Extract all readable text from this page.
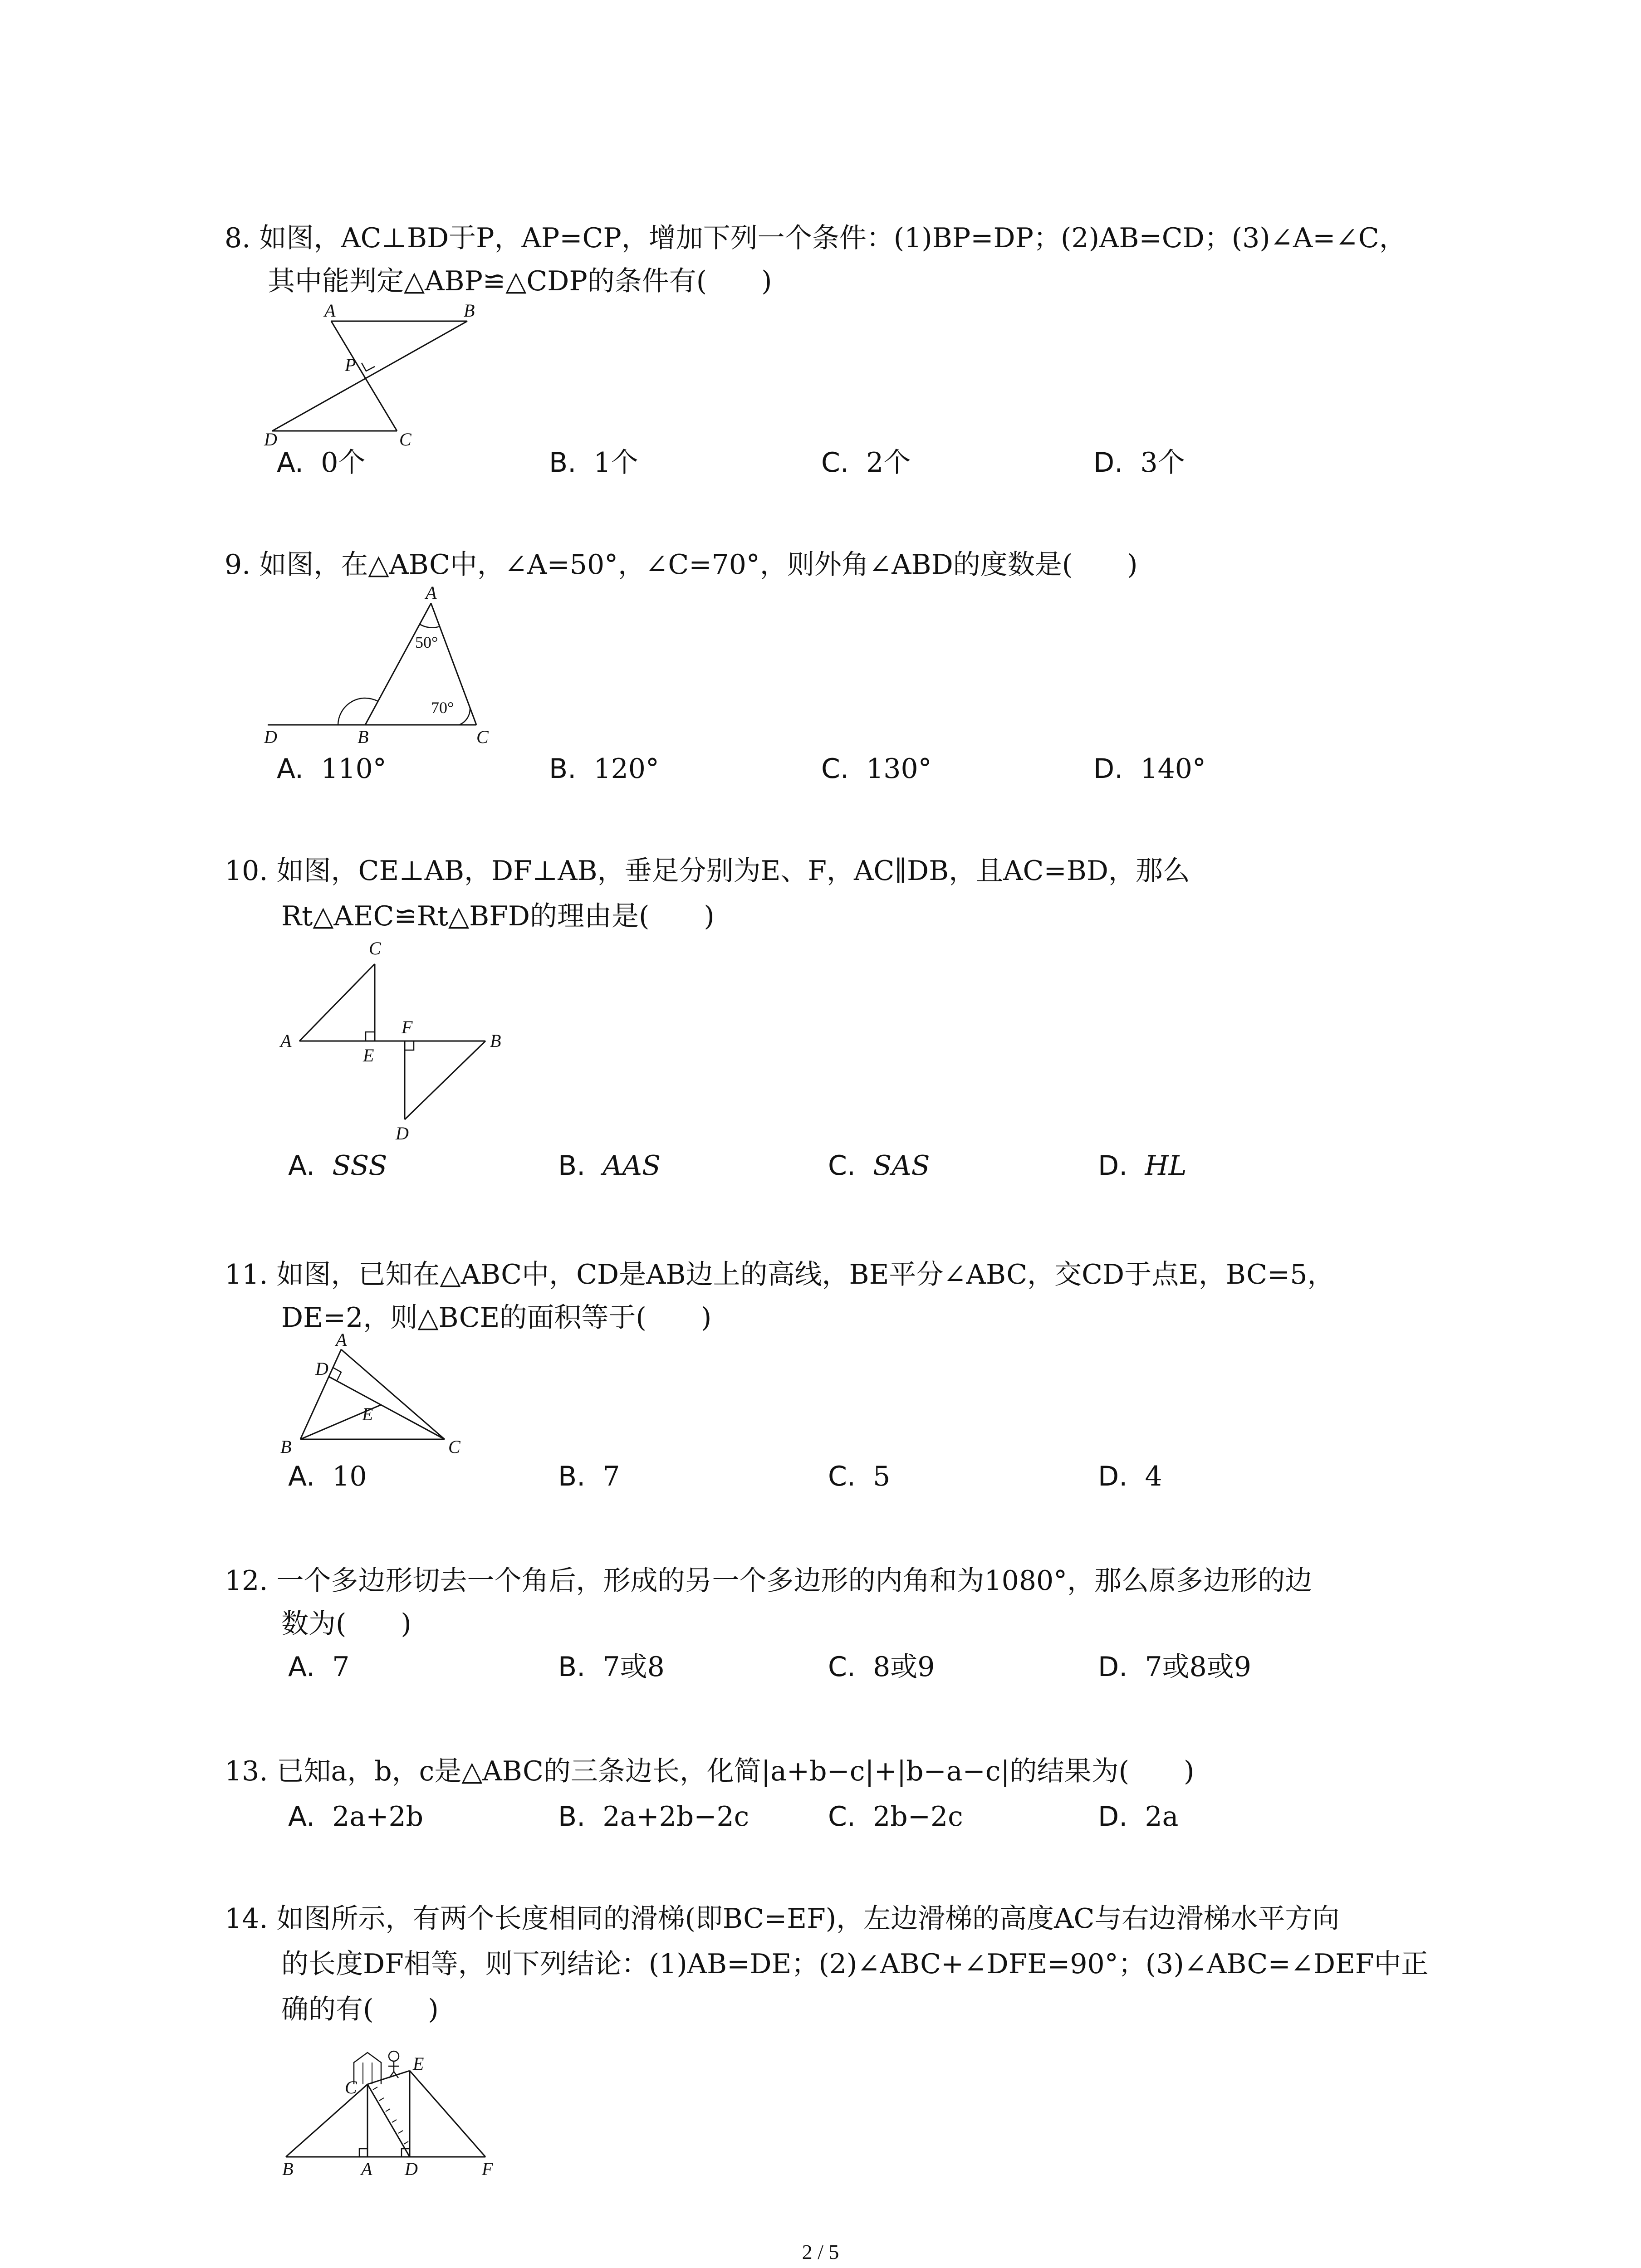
8. 如图，AC⊥BD于P，AP=CP，增加下列一个条件：(1)BP=DP；(2)AB=CD；(3)∠A=∠C，
其中能判定△ABP≌△CDP的条件有(　　)
A	B
P
D	C
A. 0个	B. 1个	C. 2个	D. 3个
9. 如图，在△ABC中，∠A=50°，∠C=70°，则外角∠ABD的度数是(　　)
A
50°
70°
D	B	C
A. 110°	B. 120°	C. 130°	D. 140°
10. 如图，CE⊥AB，DF⊥AB，垂足分别为E、F，AC∥DB，且AC=BD，那么
Rt△AEC≌Rt△BFD的理由是(　　)
C
A
E
F
B
D
A. SSS	B. AAS	C. SAS	D. HL
11. 如图，已知在△ABC中，CD是AB边上的高线，BE平分∠ABC，交CD于点E，BC=5，
DE=2，则△BCE的面积等于(　　)
A
D
E
B	C
A. 10	B. 7	C. 5	D. 4
12. 一个多边形切去一个角后，形成的另一个多边形的内角和为1080°，那么原多边形的边
数为(　　)
A. 7	B. 7或8	C. 8或9	D. 7或8或9
13. 已知a，b，c是△ABC的三条边长，化简|a+b−c|+|b−a−c|的结果为(　　)
A. 2a+2b	B. 2a+2b−2c	C. 2b−2c	D. 2a
14. 如图所示，有两个长度相同的滑梯(即BC=EF)，左边滑梯的高度AC与右边滑梯水平方向
的长度DF相等，则下列结论：(1)AB=DE；(2)∠ABC+∠DFE=90°；(3)∠ABC=∠DEF中正
确的有(　　)
C
E
B	A D	F
2 / 5
